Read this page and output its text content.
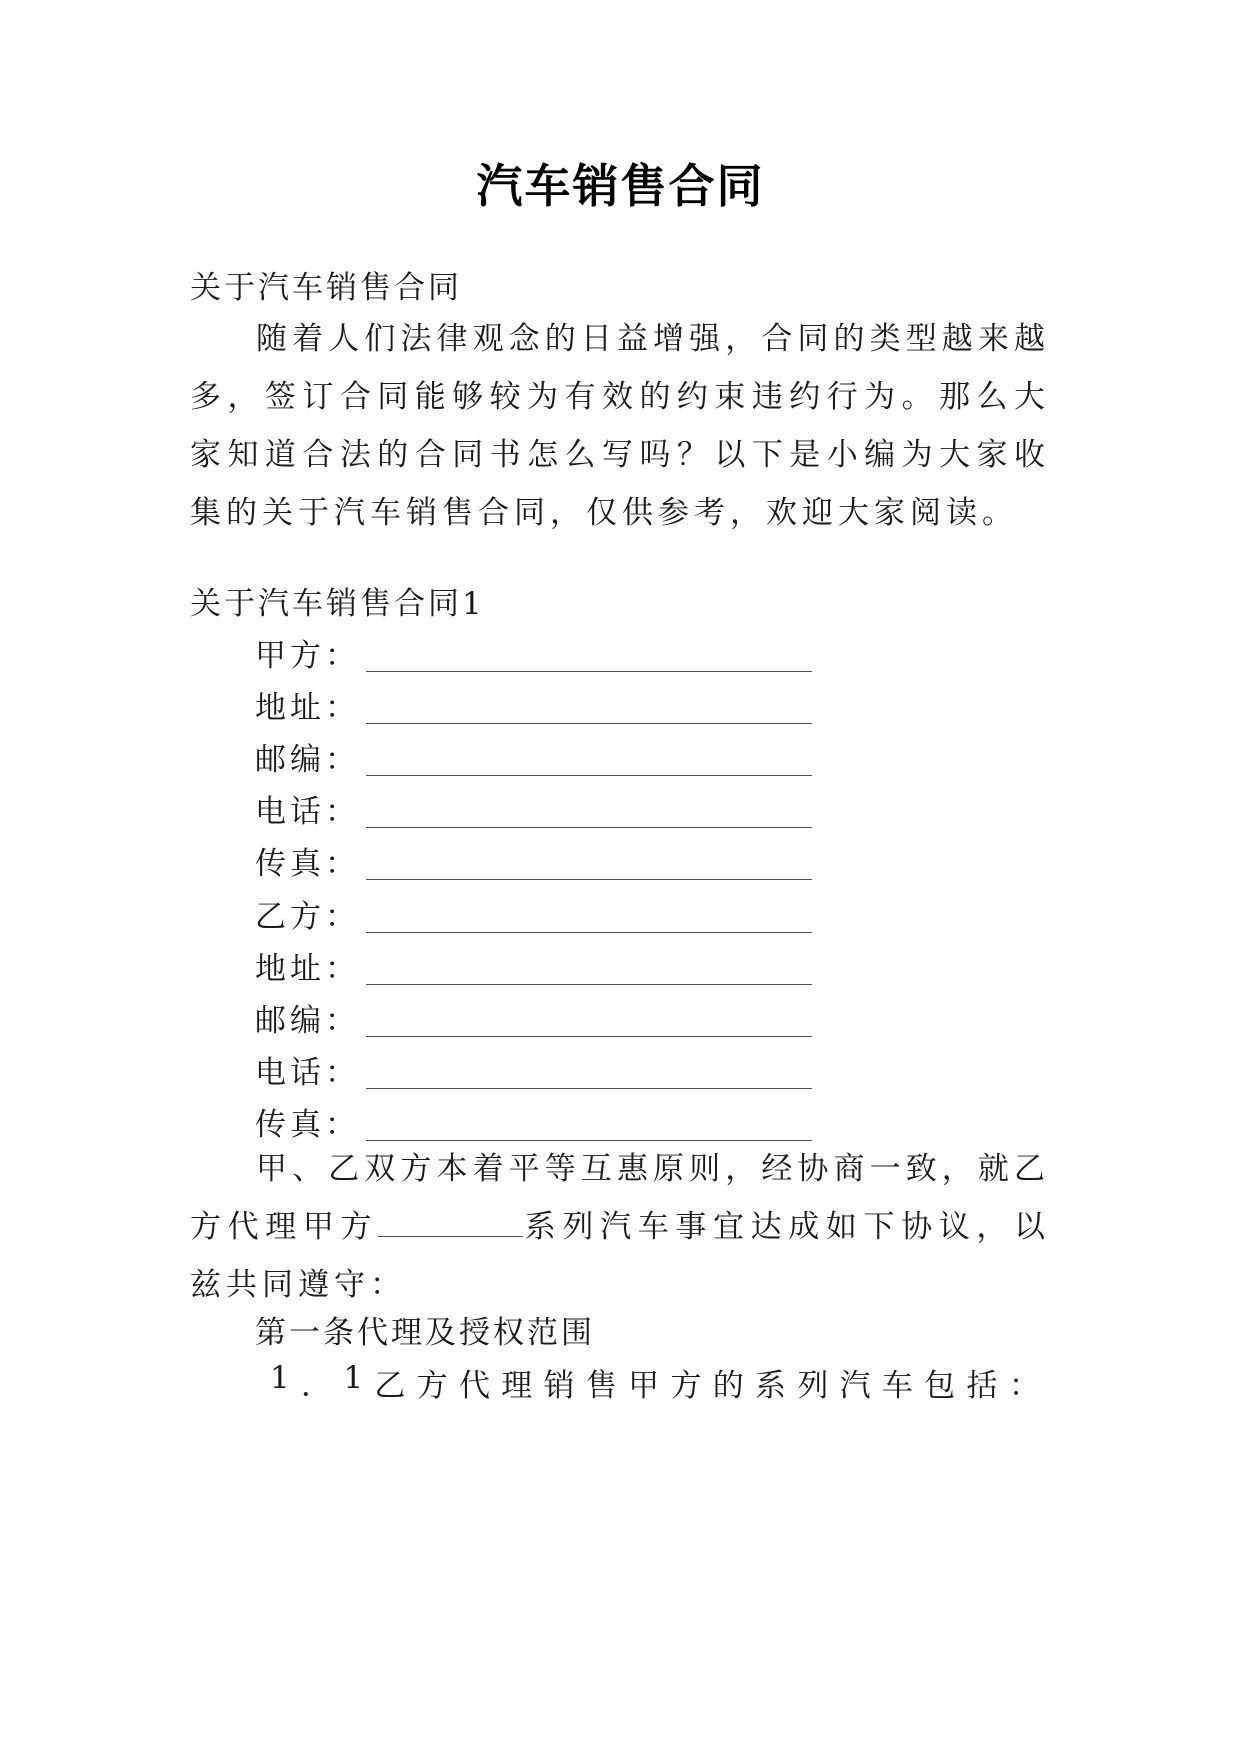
汽车销售合同

关于汽车销售合同

随着人们法律观念的日益增强，合同的类型越来越多，签订合同能够较为有效的约束违约行为。那么大家知道合法的合同书怎么写吗？以下是小编为大家收集的关于汽车销售合同，仅供参考，欢迎大家阅读。

关于汽车销售合同1

甲方：

地址：

邮编：

电话：

传真：

乙方：

地址：

邮编：

电话：

传真：

甲、乙双方本着平等互惠原则，经协商一致，就乙方代理甲方	系列汽车事宜达成如下协议，以兹共同遵守：

第一条代理及授权范围

1 ． 1 乙 方 代 理 销 售 甲 方 的 系 列 汽 车 包 括 ：
